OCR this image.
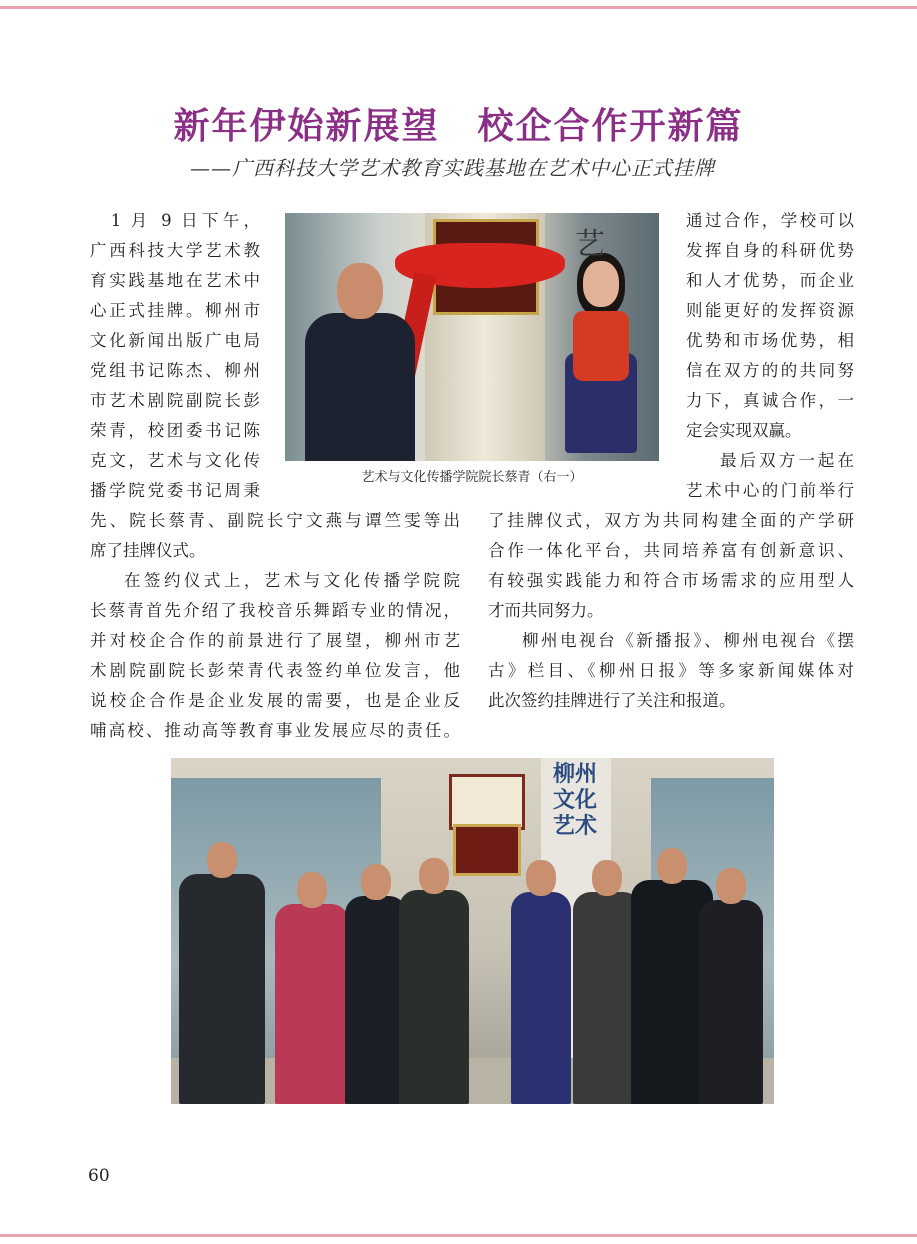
新年伊始新展望　校企合作开新篇
——广西科技大学艺术教育实践基地在艺术中心正式挂牌
　1 月 9 日下午，
广西科技大学艺术教
育实践基地在艺术中
心正式挂牌。柳州市
文化新闻出版广电局
党组书记陈杰、柳州
市艺术剧院副院长彭
荣青，校团委书记陈
克文，艺术与文化传
播学院党委书记周秉
先、院长蔡青、副院长宁文燕与谭竺雯等出
席了挂牌仪式。
在签约仪式上，艺术与文化传播学院院
长蔡青首先介绍了我校音乐舞蹈专业的情况，
并对校企合作的前景进行了展望，柳州市艺
术剧院副院长彭荣青代表签约单位发言，他
说校企合作是企业发展的需要，也是企业反
哺高校、推动高等教育事业发展应尽的责任。
艺
艺术与文化传播学院院长蔡青（右一）
通过合作，学校可以
发挥自身的科研优势
和人才优势，而企业
则能更好的发挥资源
优势和市场优势，相
信在双方的的共同努
力下，真诚合作，一
定会实现双赢。
最后双方一起在
艺术中心的门前举行
了挂牌仪式，双方为共同构建全面的产学研
合作一体化平台，共同培养富有创新意识、
有较强实践能力和符合市场需求的应用型人
才而共同努力。
柳州电视台《新播报》、柳州电视台《摆
古》栏目、《柳州日报》等多家新闻媒体对
此次签约挂牌进行了关注和报道。
柳州文化艺术
60
